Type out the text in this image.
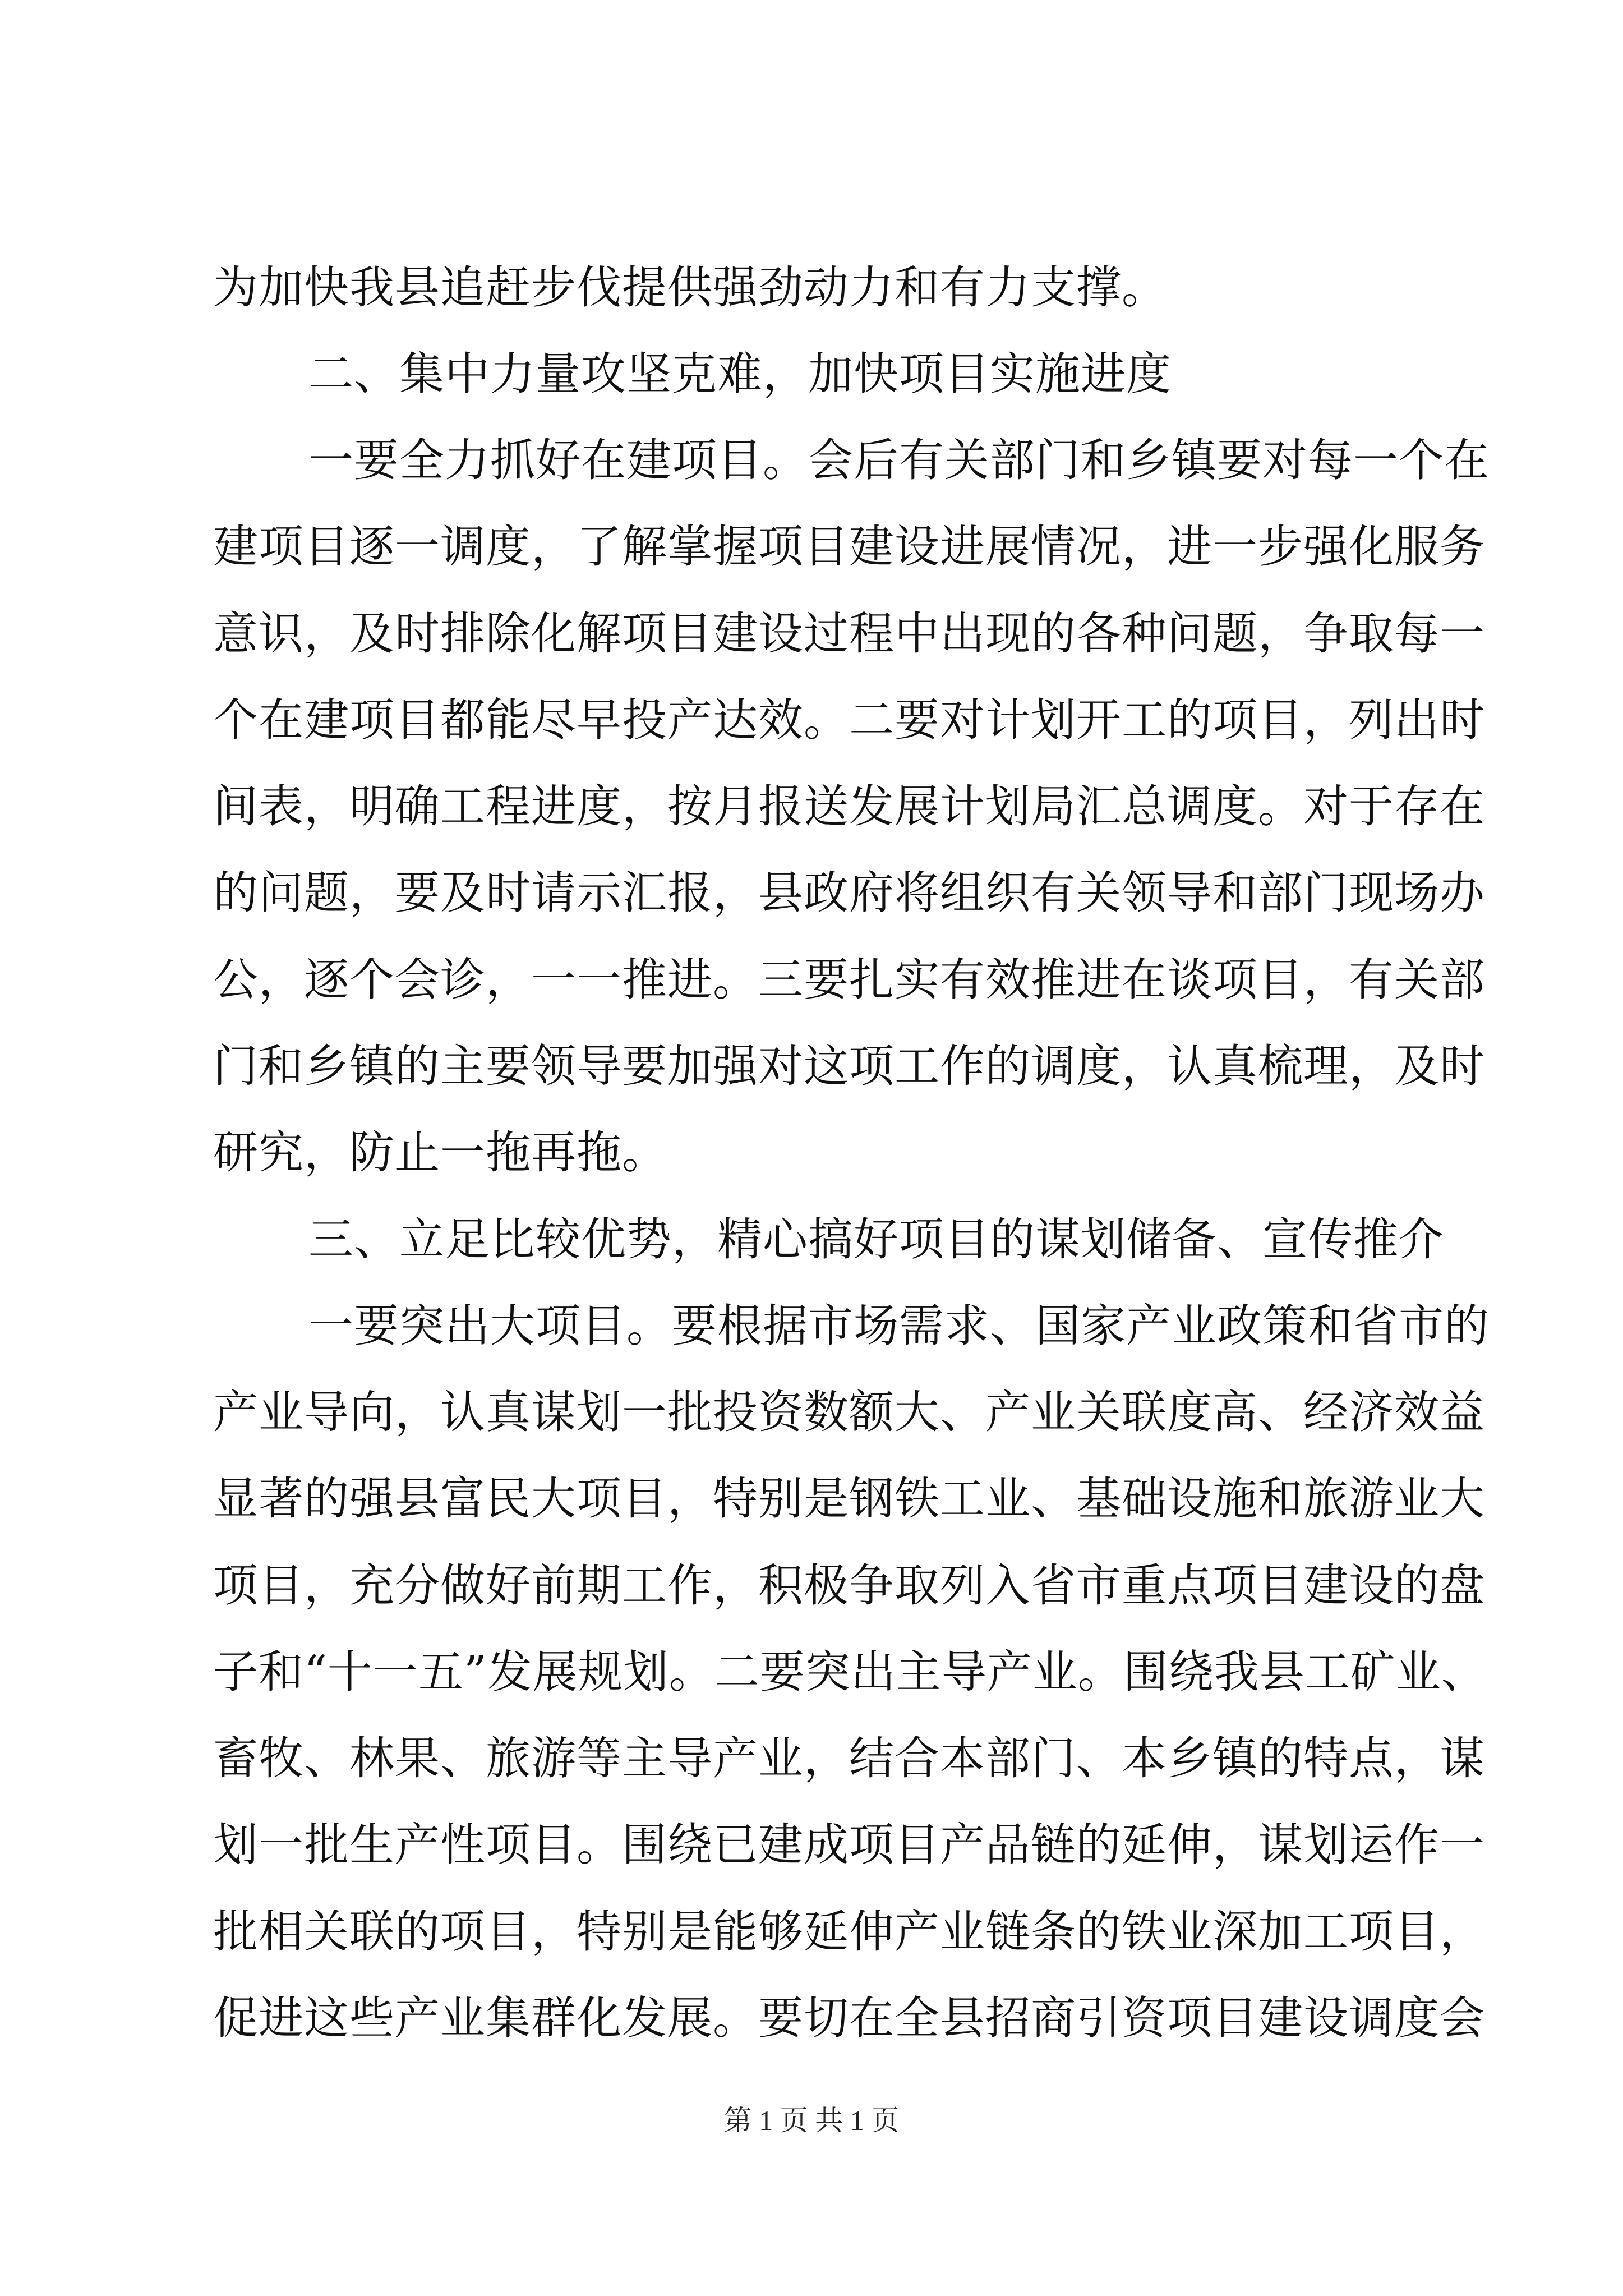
为加快我县追赶步伐提供强劲动力和有力支撑。
二、集中力量攻坚克难，加快项目实施进度
一要全力抓好在建项目。会后有关部门和乡镇要对每一个在
建项目逐一调度，了解掌握项目建设进展情况，进一步强化服务
意识，及时排除化解项目建设过程中出现的各种问题，争取每一
个在建项目都能尽早投产达效。二要对计划开工的项目，列出时
间表，明确工程进度，按月报送发展计划局汇总调度。对于存在
的问题，要及时请示汇报，县政府将组织有关领导和部门现场办
公，逐个会诊，一一推进。三要扎实有效推进在谈项目，有关部
门和乡镇的主要领导要加强对这项工作的调度，认真梳理，及时
研究，防止一拖再拖。
三、立足比较优势，精心搞好项目的谋划储备、宣传推介
一要突出大项目。要根据市场需求、国家产业政策和省市的
产业导向，认真谋划一批投资数额大、产业关联度高、经济效益
显著的强县富民大项目，特别是钢铁工业、基础设施和旅游业大
项目，充分做好前期工作，积极争取列入省市重点项目建设的盘
子和“十一五”发展规划。二要突出主导产业。围绕我县工矿业、
畜牧、林果、旅游等主导产业，结合本部门、本乡镇的特点，谋
划一批生产性项目。围绕已建成项目产品链的延伸，谋划运作一
批相关联的项目，特别是能够延伸产业链条的铁业深加工项目，
促进这些产业集群化发展。要切在全县招商引资项目建设调度会
第 1 页 共 1 页
